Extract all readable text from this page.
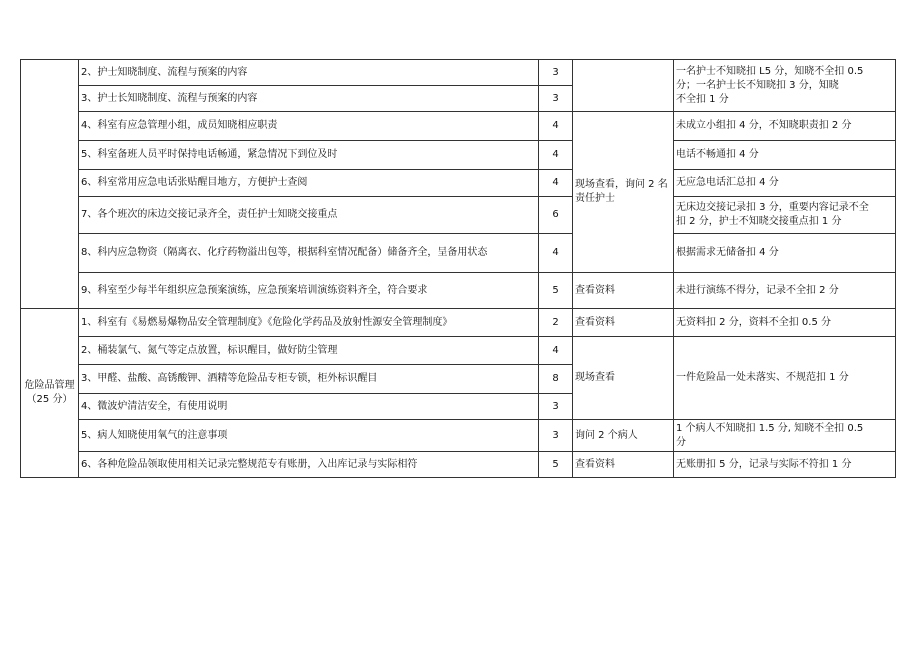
	2、护士知晓制度、流程与预案的内容	3		一名护士不知晓扣 L5 分，知晓不全扣 0.5
分；一名护士长不知晓扣 3 分，知晓
不全扣 1 分

	3、护士长知晓制度、流程与预案的内容	3		
	4、科室有应急管理小组，成员知晓相应职责	4	现场查看，询问 2 名
责任护士	未成立小组扣 4 分，不知晓职责扣 2 分
	5、科室备班人员平时保持电话畅通，紧急情况下到位及时	4		电话不畅通扣 4 分
	6、科室常用应急电话张贴醒目地方，方便护士查阅	4		无应急电话汇总扣 4 分
	7、各个班次的床边交接记录齐全，责任护士知晓交接重点	6		无床边交接记录扣 3 分，重要内容记录不全
扣 2 分，护士不知晓交接重点扣 1 分

	8、科内应急物资（隔离衣、化疗药物溢出包等，根据科室情况配备）储备齐全，呈备用状态	4		根据需求无储备扣 4 分
	9、科室至少每半年组织应急预案演练，应急预案培训演练资料齐全，符合要求	5	查看资料	未进行演练不得分，记录不全扣 2 分

危险品管理
（25 分）	1、科室有《易燃易爆物品安全管理制度》《危险化学药品及放射性源安全管理制度》	2	查看资料	无资料扣 2 分，资料不全扣 0.5 分
	2、桶装氯气、氮气等定点放置，标识醒目，做好防尘管理	4	现场查看	一件危险品一处未落实、不规范扣 1 分
	3、甲醛、盐酸、高锈酸钾、酒精等危险品专柜专锁，柜外标识醒目	8		
	4、微波炉清洁安全，有使用说明	3		
	5、病人知晓使用氧气的注意事项	3	询问 2 个病人	1 个病人不知晓扣 1.5 分, 知晓不全扣 0.5
分

	6、各种危险品领取使用相关记录完整规范专有账册，入出库记录与实际相符	5	查看资料	无账册扣 5 分，记录与实际不符扣 1 分
